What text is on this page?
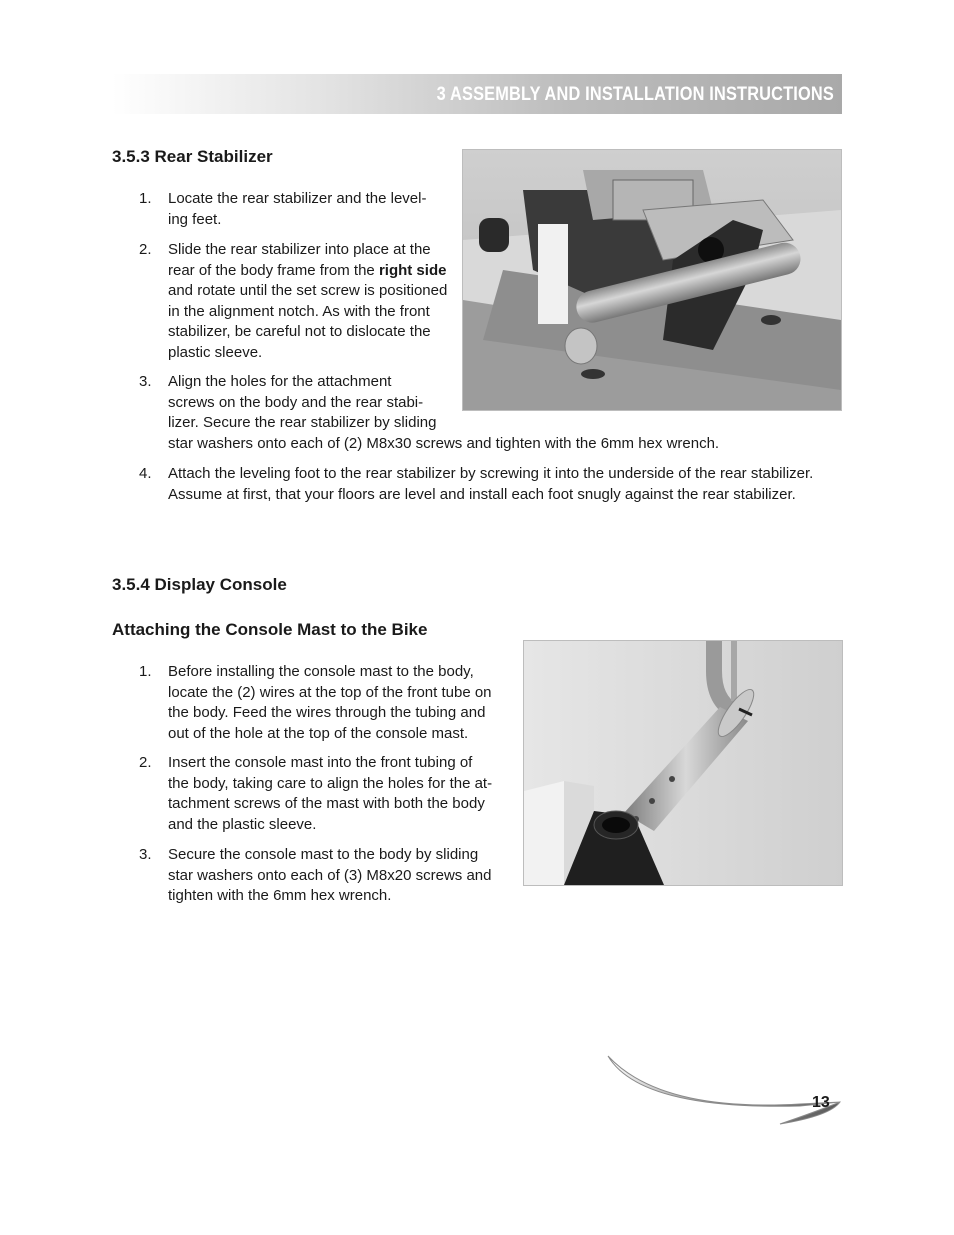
3 ASSEMBLY AND INSTALLATION INSTRUCTIONS
3.5.3 Rear Stabilizer
1. Locate the rear stabilizer and the level-
ing feet.
2. Slide the rear stabilizer into place at the rear of the body frame from the right side and rotate until the set screw is positioned in the alignment notch. As with the front stabilizer, be careful not to dislocate the plastic sleeve.
3. Align the holes for the attachment
screws on the body and the rear stabi-
lizer. Secure the rear stabilizer by sliding
star washers onto each of (2) M8x30 screws and tighten with the 6mm hex wrench.
4. Attach the leveling foot to the rear stabilizer by screwing it into the underside of the rear stabilizer. Assume at first, that your floors are level and install each foot snugly against the rear stabilizer.
3.5.4 Display Console
Attaching the Console Mast to the Bike
1. Before installing the console mast to the body,
locate the (2) wires at the top of the front tube on
the body. Feed the wires through the tubing and
out of the hole at the top of the console mast.
2. Insert the console mast into the front tubing of
the body, taking care to align the holes for the at-
tachment screws of the mast with both the body
and the plastic sleeve.
3. Secure the console mast to the body by sliding
star washers onto each of (3) M8x20 screws and
tighten with the 6mm hex wrench.
13
